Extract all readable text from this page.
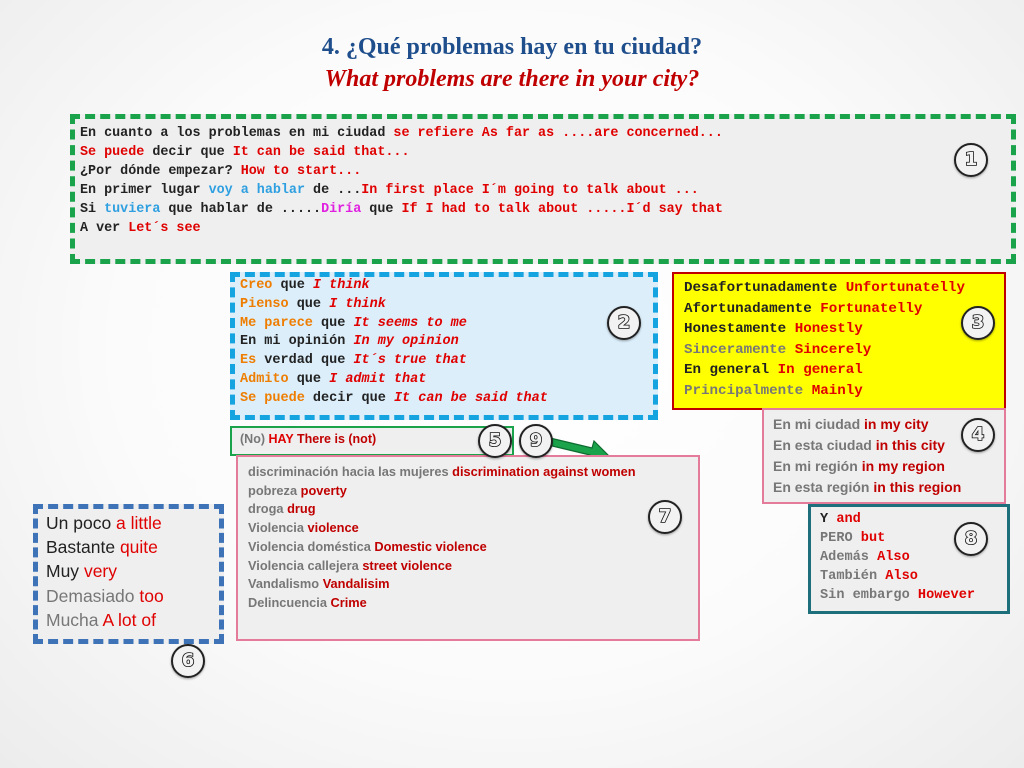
4. ¿Qué problemas hay en tu ciudad?
What problems are there in your city?
En cuanto a los problemas en mi ciudad se refiere As far as ....are concerned...
Se puede decir que It can be said that...
¿Por dónde empezar? How to start...
En primer lugar voy a hablar de ...In first place I´m going to talk about ...
Si tuviera que hablar de .....Diría que If I had to talk about .....I´d say that
A ver Let´s see
Creo que I think
Pienso que I think
Me parece que It seems to me
En mi opinión In my opinion
Es verdad que It´s true that
Admito que I admit that
Se puede decir que It can be said that
Desafortunadamente Unfortunatelly
Afortunadamente Fortunatelly
Honestamente Honestly
Sinceramente Sincerely
En general In general
Principalmente Mainly
En mi ciudad in my city
En esta ciudad in this city
En mi región in my region
En esta región in this region
(No) HAY There is (not)
discriminación hacia las mujeres discrimination against women
pobreza poverty
droga drug
Violencia violence
Violencia doméstica Domestic violence
Violencia callejera street violence
Vandalismo Vandalisim
Delincuencia Crime
Y and
PERO but
Además Also
También Also
Sin embargo However
Un poco a little
Bastante quite
Muy very
Demasiado too
Mucha A lot of
1
2	3
4
5	9
7
8
6
